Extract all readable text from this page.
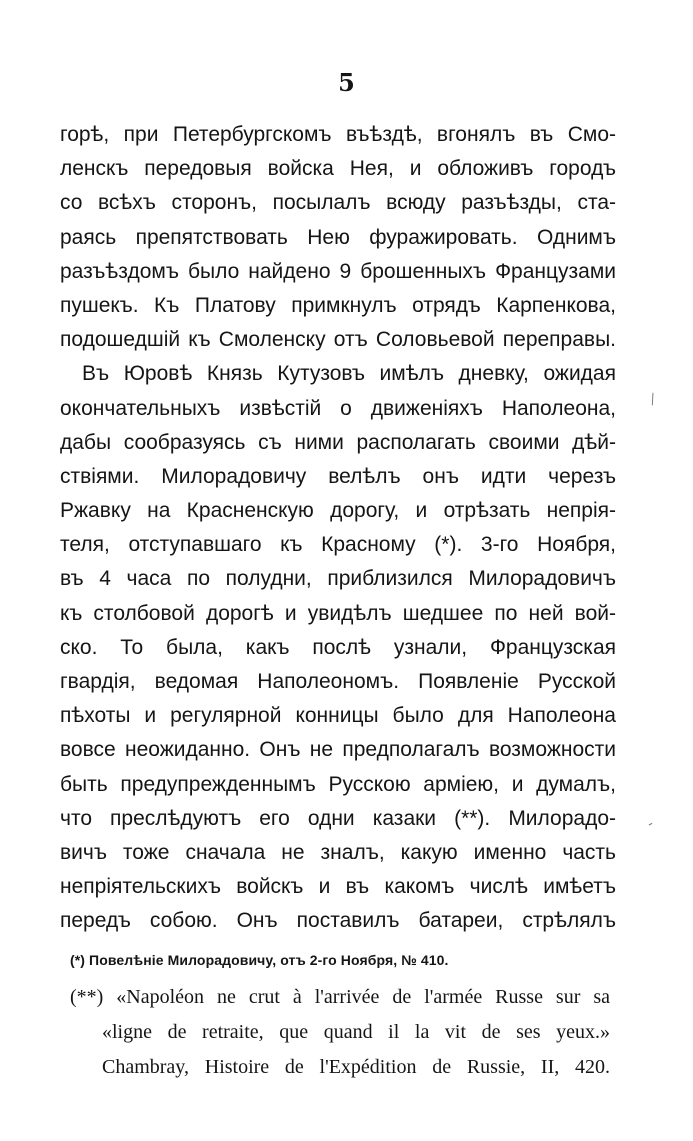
5
горѣ, при Петербургскомъ въѣздѣ, вгонялъ въ Смо-
ленскъ передовыя войска Нея, и обложивъ городъ
со всѣхъ сторонъ, посылалъ всюду разъѣзды, ста-
раясь препятствовать Нею фуражировать. Однимъ
разъѣздомъ было найдено 9 брошенныхъ Французами
пушекъ. Къ Платову примкнулъ отрядъ Карпенкова,
подошедшій къ Смоленску отъ Соловьевой переправы.
Въ Юровѣ Князь Кутузовъ имѣлъ дневку, ожидая
окончательныхъ извѣстій о движеніяхъ Наполеона,
дабы сообразуясь съ ними располагать своими дѣй-
ствіями. Милорадовичу велѣлъ онъ идти черезъ
Ржавку на Красненскую дорогу, и отрѣзать непрія-
теля, отступавшаго къ Красному (*). 3-го Ноября,
въ 4 часа по полудни, приблизился Милорадовичъ
къ столбовой дорогѣ и увидѣлъ шедшее по ней вой-
ско. То была, какъ послѣ узнали, Французская
гвардія, ведомая Наполеономъ. Появленіе Русской
пѣхоты и регулярной конницы было для Наполеона
вовсе неожиданно. Онъ не предполагалъ возможности
быть предупрежденнымъ Русскою арміею, и думалъ,
что преслѣдуютъ его одни казаки (**). Милорадо-
вичъ тоже сначала не зналъ, какую именно часть
непріятельскихъ войскъ и въ какомъ числѣ имѣетъ
передъ собою. Онъ поставилъ батареи, стрѣлялъ
(*) Повелѣніе Милорадовичу, отъ 2-го Ноября, № 410.
(**) «Napoléon ne crut à l'arrivée de l'armée Russe sur sa
«ligne de retraite, que quand il la vit de ses yeux.»
Chambray, Histoire de l'Expédition de Russie, II, 420.
⁄
‐
